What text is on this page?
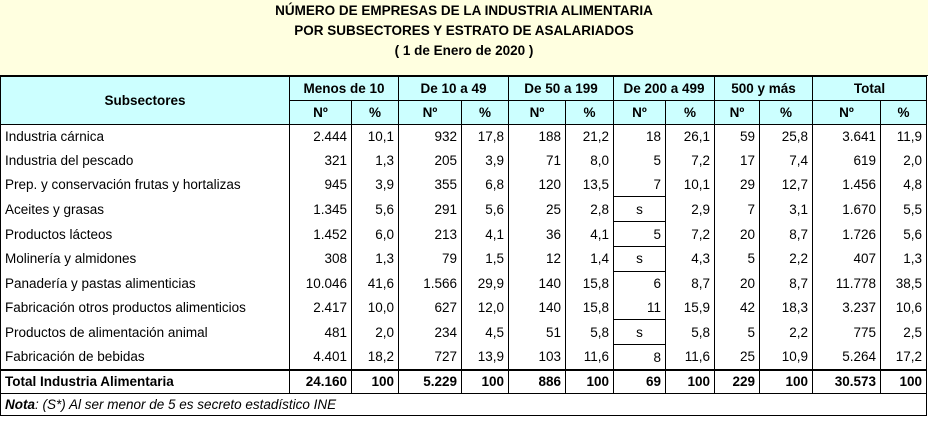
NÚMERO DE EMPRESAS DE LA INDUSTRIA ALIMENTARIA
POR SUBSECTORES Y ESTRATO DE ASALARIADOS
( 1 de Enero de 2020 )
Subsectores	Menos de 10		De 10 a 49		De 50 a 199		De 200 a 499		500 y más		Total	
	Nº	%	Nº	%	Nº	%	Nº	%	Nº	%	Nº	%
Industria cárnica	2.444	10,1	932	17,8	188	21,2	18	26,1	59	25,8	3.641	11,9
Industria del pescado	321	1,3	205	3,9	71	8,0	5	7,2	17	7,4	619	2,0
Prep. y conservación frutas y hortalizas	945	3,9	355	6,8	120	13,5	7	10,1	29	12,7	1.456	4,8
Aceites y grasas	1.345	5,6	291	5,6	25	2,8	s	2,9	7	3,1	1.670	5,5
Productos lácteos	1.452	6,0	213	4,1	36	4,1	5	7,2	20	8,7	1.726	5,6
Molinería y almidones	308	1,3	79	1,5	12	1,4	s	4,3	5	2,2	407	1,3
Panadería y pastas alimenticias	10.046	41,6	1.566	29,9	140	15,8	6	8,7	20	8,7	11.778	38,5
Fabricación otros productos alimenticios	2.417	10,0	627	12,0	140	15,8	11	15,9	42	18,3	3.237	10,6
Productos de alimentación animal	481	2,0	234	4,5	51	5,8	s	5,8	5	2,2	775	2,5
Fabricación de bebidas	4.401	18,2	727	13,9	103	11,6	8	11,6	25	10,9	5.264	17,2
Total Industria Alimentaria	24.160	100	5.229	100	886	100	69	100	229	100	30.573	100
Nota: (S*) Al ser menor de 5 es secreto estadístico INE												
